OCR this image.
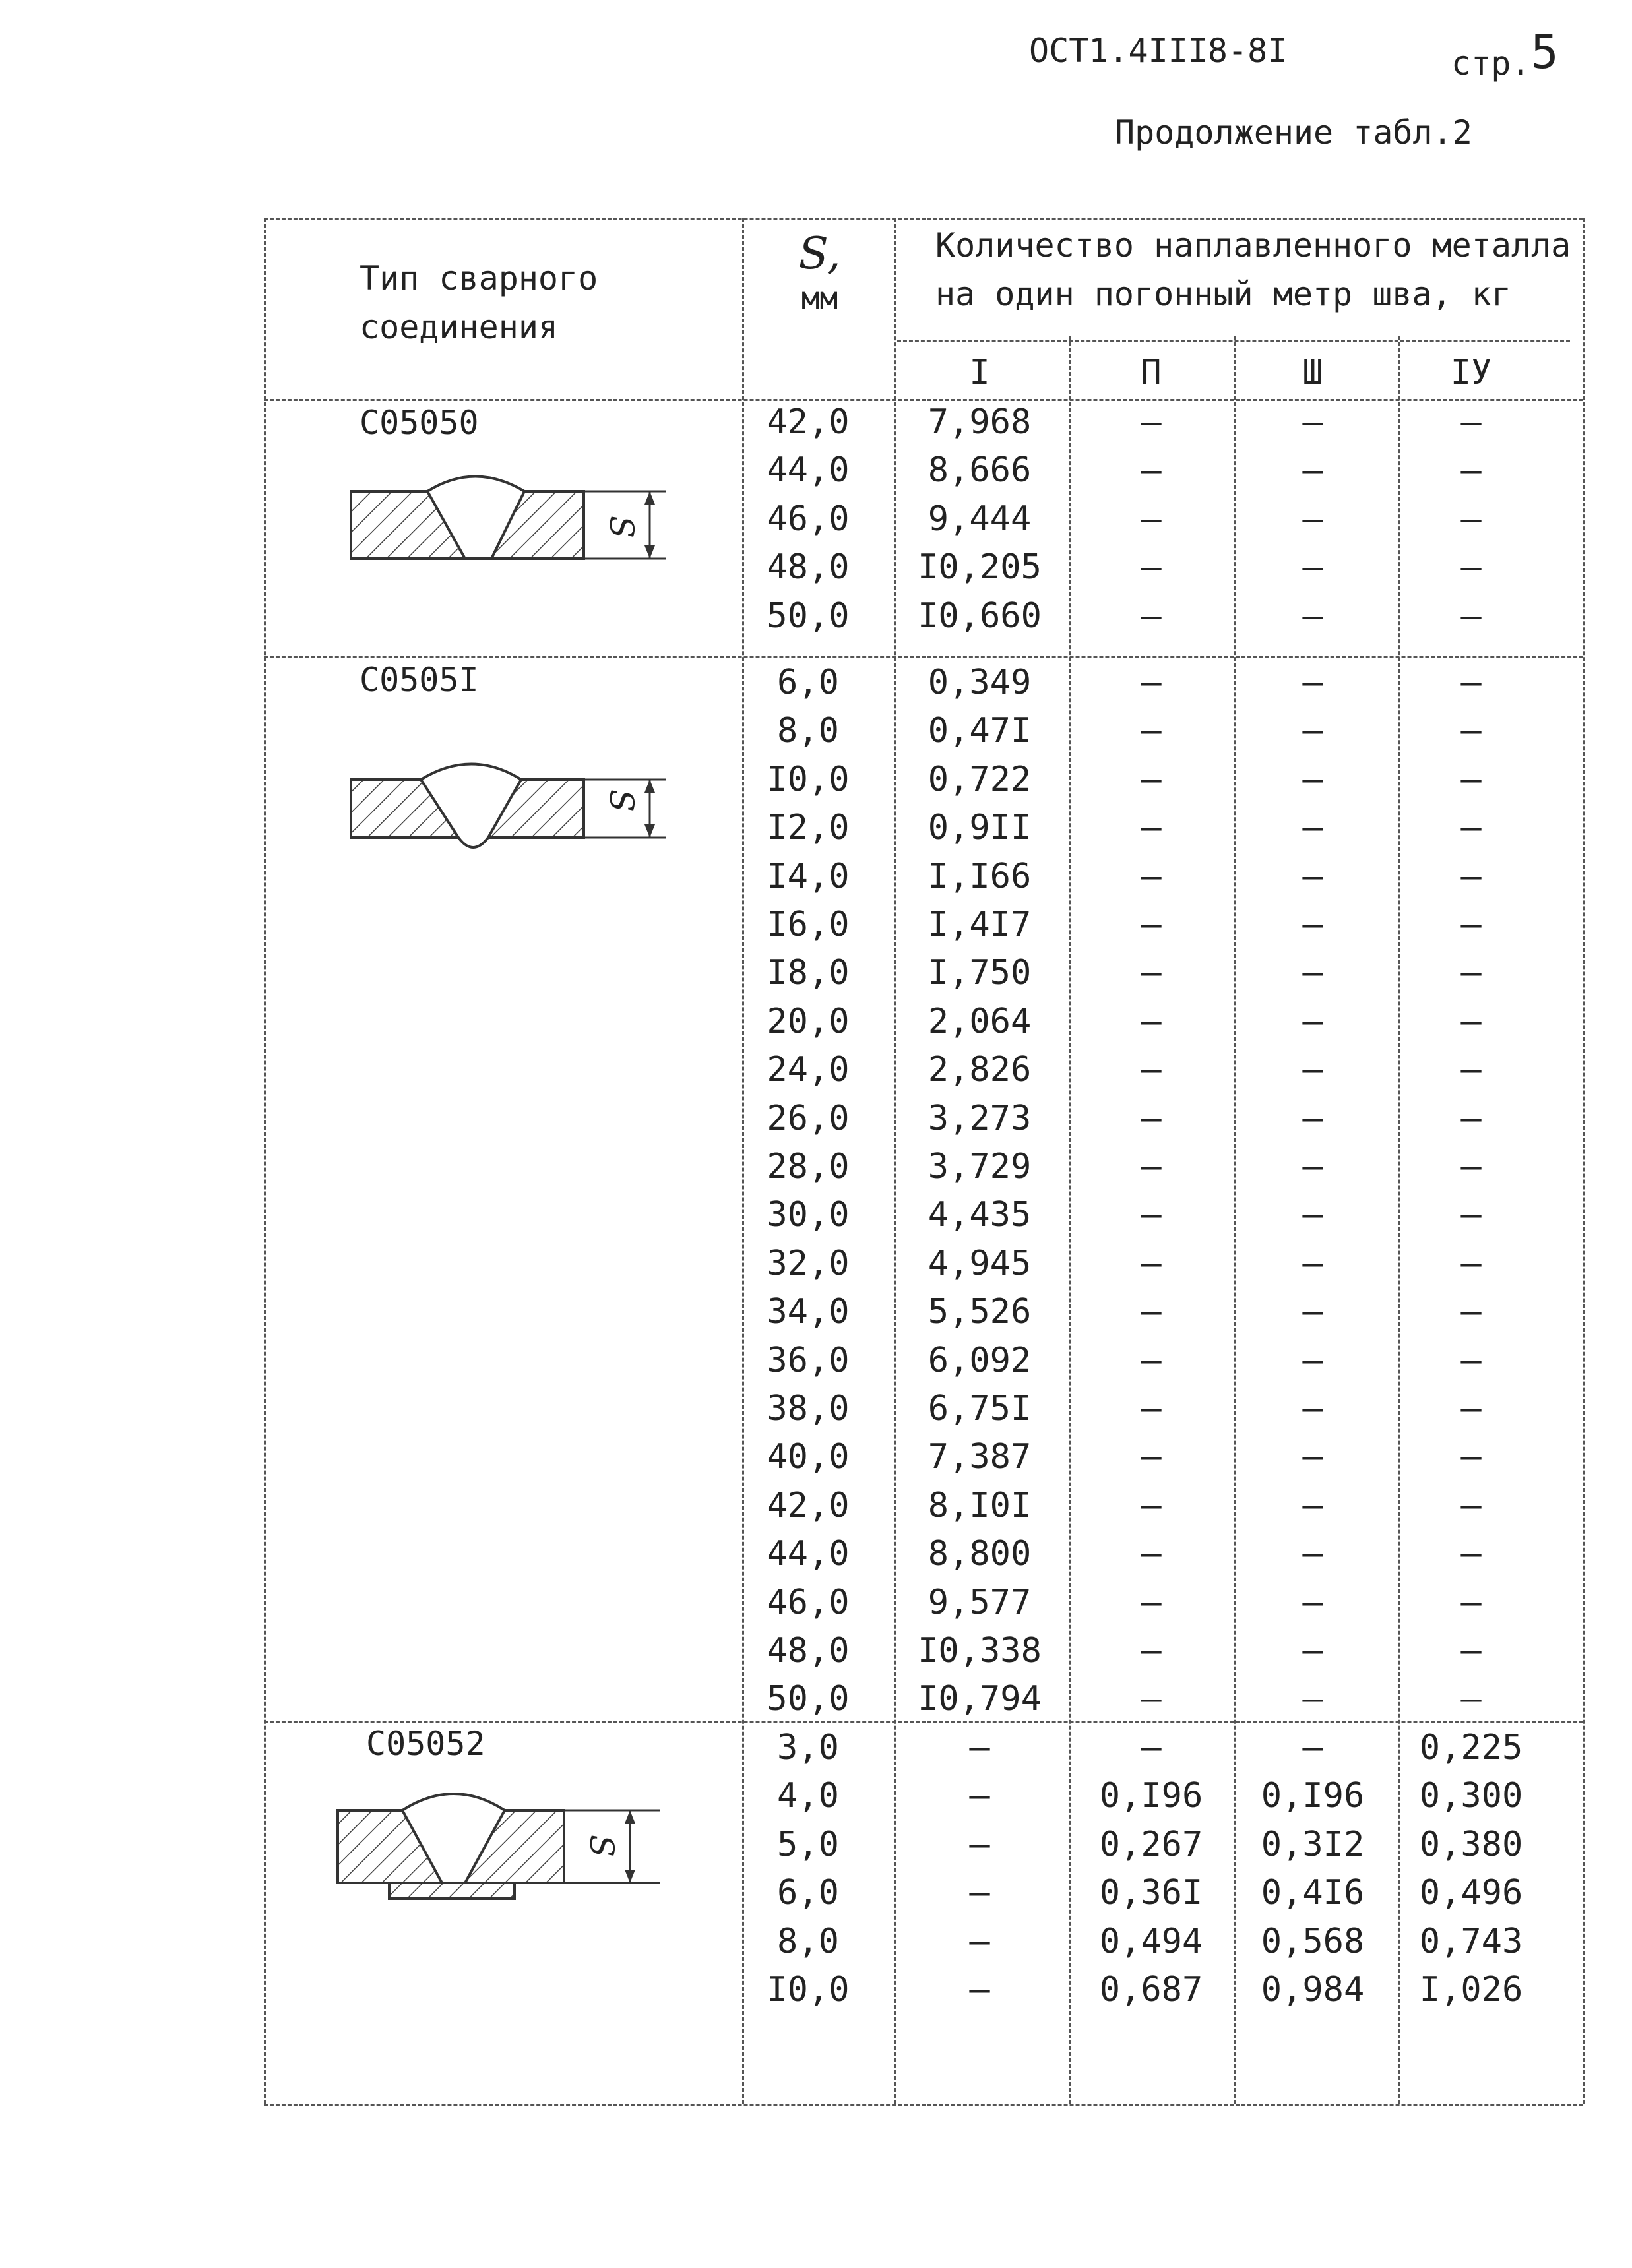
ОСТ1.4III8-8I	стр.5
Продолжение табл.2
Тип сварного
соединения
S,
мм
Количество наплавленного металла
на один погонный метр шва, кг
I	П	Ш	IУ
С05050
С0505I
С05052
S
S
S
42,0	7,968	–	–	–
44,0	8,666	–	–	–
46,0	9,444	–	–	–
48,0	I0,205	–	–	–
50,0	I0,660	–	–	–
6,0	0,349	–	–	–
8,0	0,47I	–	–	–
I0,0	0,722	–	–	–
I2,0	0,9II	–	–	–
I4,0	I,I66	–	–	–
I6,0	I,4I7	–	–	–
I8,0	I,750	–	–	–
20,0	2,064	–	–	–
24,0	2,826	–	–	–
26,0	3,273	–	–	–
28,0	3,729	–	–	–
30,0	4,435	–	–	–
32,0	4,945	–	–	–
34,0	5,526	–	–	–
36,0	6,092	–	–	–
38,0	6,75I	–	–	–
40,0	7,387	–	–	–
42,0	8,I0I	–	–	–
44,0	8,800	–	–	–
46,0	9,577	–	–	–
48,0	I0,338	–	–	–
50,0	I0,794	–	–	–
3,0	–	–	–	0,225
4,0	–	0,I96	0,I96	0,300
5,0	–	0,267	0,3I2	0,380
6,0	–	0,36I	0,4I6	0,496
8,0	–	0,494	0,568	0,743
I0,0	–	0,687	0,984	I,026
